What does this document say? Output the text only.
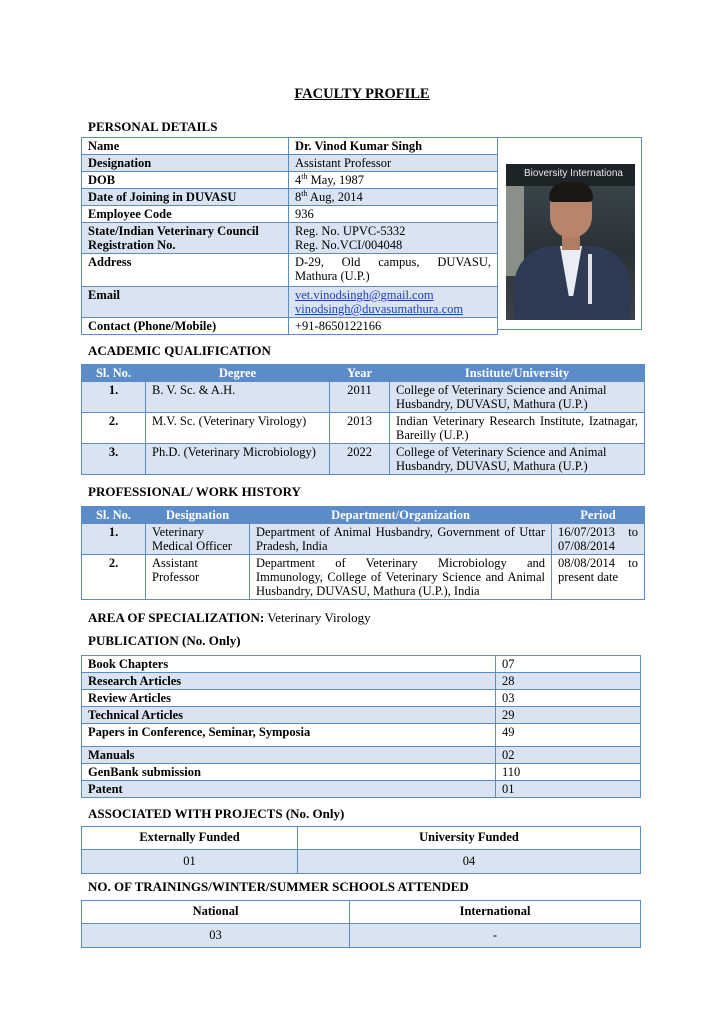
FACULTY PROFILE
PERSONAL DETAILS
Name	Dr. Vinod Kumar Singh
Designation	Assistant Professor
DOB	4th May, 1987
Date of Joining in DUVASU	8th Aug, 2014
Employee Code	936
State/Indian Veterinary Council Registration No.	Reg. No. UPVC-5332
Reg. No.VCI/004048

Address	D-29, Old campus, DUVASU, Mathura (U.P.)
Email	vet.vinodsingh@gmail.com
vinodsingh@duvasumathura.com

Contact (Phone/Mobile)	+91-8650122166
Bioversity Internationa
ACADEMIC QUALIFICATION
Sl. No.	Degree	Year	Institute/University
1.	B. V. Sc. & A.H.	2011	College of Veterinary Science and Animal Husbandry, DUVASU, Mathura (U.P.)
2.	M.V. Sc. (Veterinary Virology)	2013	Indian Veterinary Research Institute, Izatnagar, Bareilly (U.P.)
3.	Ph.D. (Veterinary Microbiology)	2022	College of Veterinary Science and Animal Husbandry, DUVASU, Mathura (U.P.)
PROFESSIONAL/ WORK HISTORY
Sl. No.	Designation	Department/Organization	Period
1.	Veterinary Medical Officer	Department of Animal Husbandry, Government of Uttar Pradesh, India	16/07/2013 to 07/08/2014
2.	Assistant Professor	Department of Veterinary Microbiology and Immunology, College of Veterinary Science and Animal Husbandry, DUVASU, Mathura (U.P.), India	08/08/2014 to present date
AREA OF SPECIALIZATION: Veterinary Virology
PUBLICATION (No. Only)
Book Chapters	07
Research Articles	28
Review Articles	03
Technical Articles	29
Papers in Conference, Seminar, Symposia	49
Manuals	02
GenBank submission	110
Patent	01
ASSOCIATED WITH PROJECTS (No. Only)
Externally Funded	University Funded
01	04
NO. OF TRAININGS/WINTER/SUMMER SCHOOLS ATTENDED
National	International
03	-
